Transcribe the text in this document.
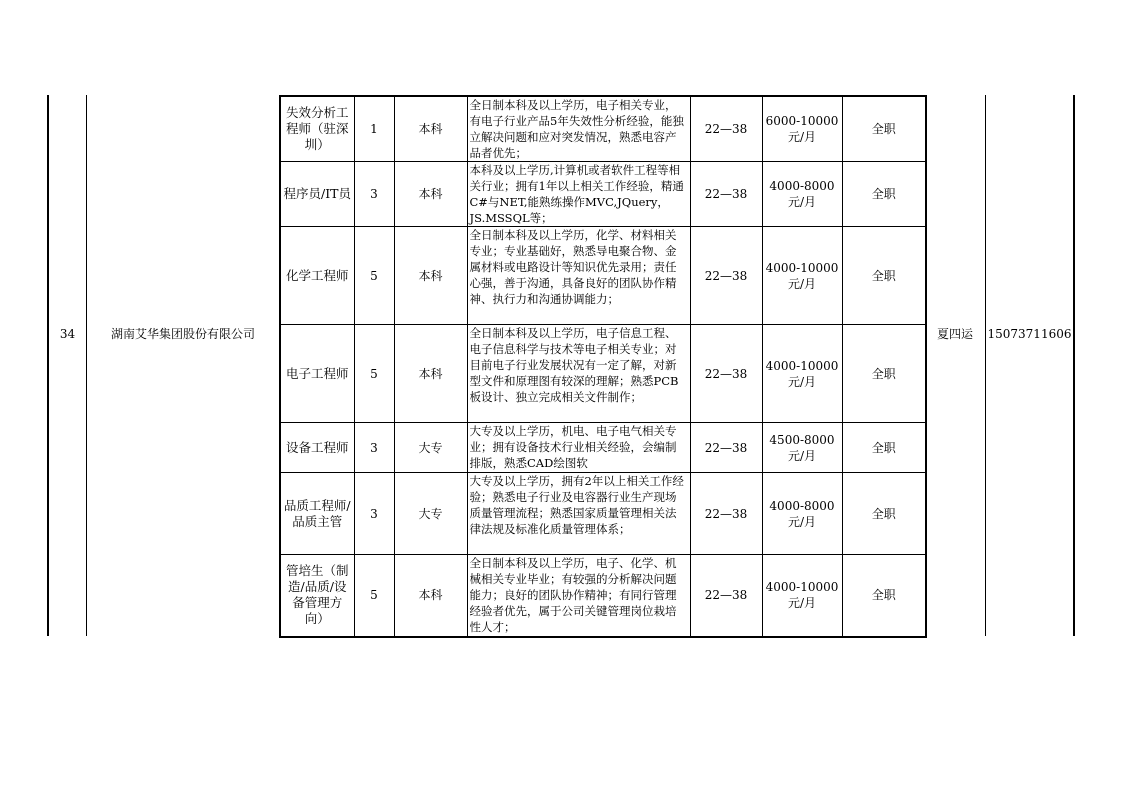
34	湖南艾华集团股份有限公司	夏四运	15073711606
失效分析工程师（驻深圳）	1	本科	全日制本科及以上学历，电子相关专业，有电子行业产品5年失效性分析经验，能独立解决问题和应对突发情况，熟悉电容产品者优先；	22—38	6000-10000元/月	全职
程序员/IT员	3	本科	本科及以上学历,计算机或者软件工程等相关行业；拥有1年以上相关工作经验，精通C#与NET,能熟练操作MVC,JQuery，JS.MSSQL等；	22—38	4000-8000元/月	全职
化学工程师	5	本科	全日制本科及以上学历，化学、材料相关专业；专业基础好，熟悉导电聚合物、金属材料或电路设计等知识优先录用；责任心强，善于沟通，具备良好的团队协作精神、执行力和沟通协调能力；	22—38	4000-10000元/月	全职
电子工程师	5	本科	全日制本科及以上学历，电子信息工程、电子信息科学与技术等电子相关专业；对目前电子行业发展状况有一定了解，对新型文件和原理图有较深的理解；熟悉PCB板设计、独立完成相关文件制作；	22—38	4000-10000元/月	全职
设备工程师	3	大专	大专及以上学历，机电、电子电气相关专业；拥有设备技术行业相关经验，会编制排版，熟悉CAD绘图软	22—38	4500-8000元/月	全职
品质工程师/品质主管	3	大专	大专及以上学历，拥有2年以上相关工作经验；熟悉电子行业及电容器行业生产现场质量管理流程；熟悉国家质量管理相关法律法规及标准化质量管理体系；	22—38	4000-8000元/月	全职
管培生（制造/品质/设备管理方向）	5	本科	全日制本科及以上学历，电子、化学、机械相关专业毕业；有较强的分析解决问题能力；良好的团队协作精神；有同行管理经验者优先，属于公司关键管理岗位栽培性人才；	22—38	4000-10000元/月	全职
